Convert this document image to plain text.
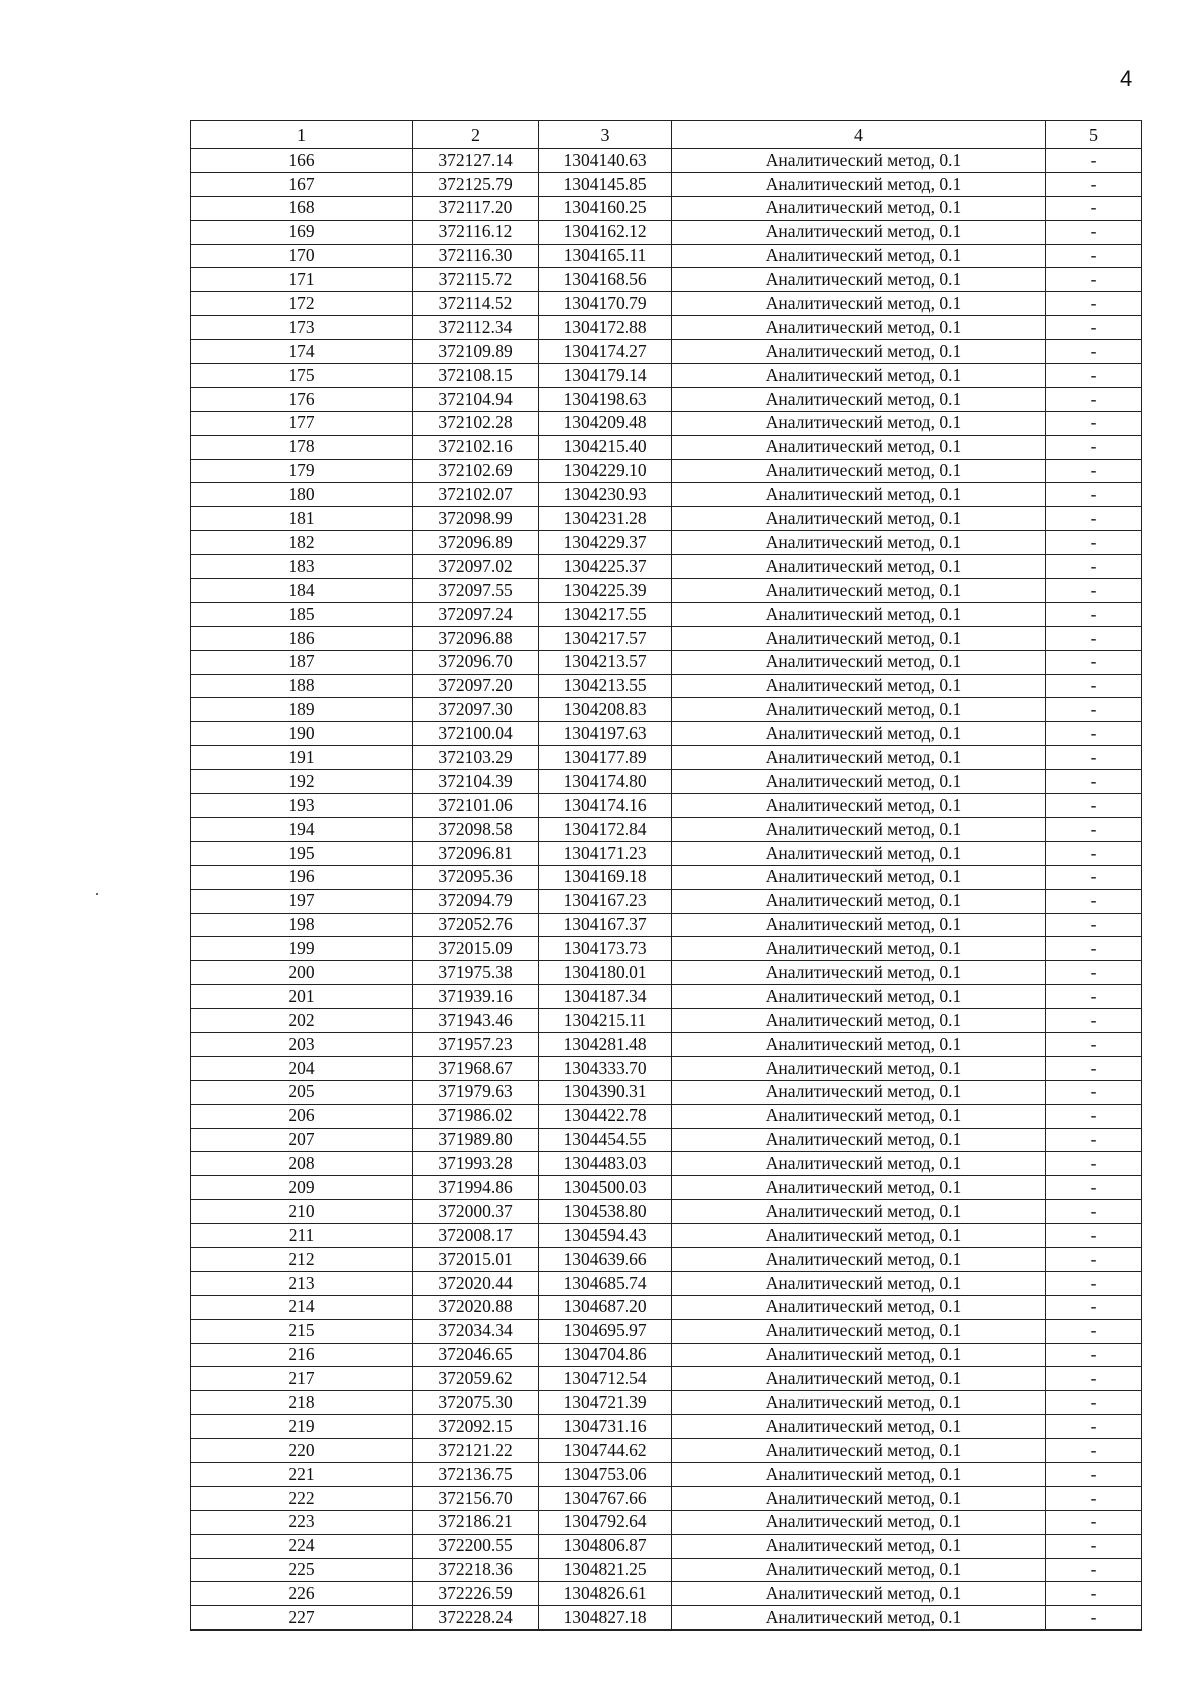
4
1	2	3	4	5
166	372127.14	1304140.63	Аналитический метод, 0.1	-
167	372125.79	1304145.85	Аналитический метод, 0.1	-
168	372117.20	1304160.25	Аналитический метод, 0.1	-
169	372116.12	1304162.12	Аналитический метод, 0.1	-
170	372116.30	1304165.11	Аналитический метод, 0.1	-
171	372115.72	1304168.56	Аналитический метод, 0.1	-
172	372114.52	1304170.79	Аналитический метод, 0.1	-
173	372112.34	1304172.88	Аналитический метод, 0.1	-
174	372109.89	1304174.27	Аналитический метод, 0.1	-
175	372108.15	1304179.14	Аналитический метод, 0.1	-
176	372104.94	1304198.63	Аналитический метод, 0.1	-
177	372102.28	1304209.48	Аналитический метод, 0.1	-
178	372102.16	1304215.40	Аналитический метод, 0.1	-
179	372102.69	1304229.10	Аналитический метод, 0.1	-
180	372102.07	1304230.93	Аналитический метод, 0.1	-
181	372098.99	1304231.28	Аналитический метод, 0.1	-
182	372096.89	1304229.37	Аналитический метод, 0.1	-
183	372097.02	1304225.37	Аналитический метод, 0.1	-
184	372097.55	1304225.39	Аналитический метод, 0.1	-
185	372097.24	1304217.55	Аналитический метод, 0.1	-
186	372096.88	1304217.57	Аналитический метод, 0.1	-
187	372096.70	1304213.57	Аналитический метод, 0.1	-
188	372097.20	1304213.55	Аналитический метод, 0.1	-
189	372097.30	1304208.83	Аналитический метод, 0.1	-
190	372100.04	1304197.63	Аналитический метод, 0.1	-
191	372103.29	1304177.89	Аналитический метод, 0.1	-
192	372104.39	1304174.80	Аналитический метод, 0.1	-
193	372101.06	1304174.16	Аналитический метод, 0.1	-
194	372098.58	1304172.84	Аналитический метод, 0.1	-
195	372096.81	1304171.23	Аналитический метод, 0.1	-
196	372095.36	1304169.18	Аналитический метод, 0.1	-
197	372094.79	1304167.23	Аналитический метод, 0.1	-
198	372052.76	1304167.37	Аналитический метод, 0.1	-
199	372015.09	1304173.73	Аналитический метод, 0.1	-
200	371975.38	1304180.01	Аналитический метод, 0.1	-
201	371939.16	1304187.34	Аналитический метод, 0.1	-
202	371943.46	1304215.11	Аналитический метод, 0.1	-
203	371957.23	1304281.48	Аналитический метод, 0.1	-
204	371968.67	1304333.70	Аналитический метод, 0.1	-
205	371979.63	1304390.31	Аналитический метод, 0.1	-
206	371986.02	1304422.78	Аналитический метод, 0.1	-
207	371989.80	1304454.55	Аналитический метод, 0.1	-
208	371993.28	1304483.03	Аналитический метод, 0.1	-
209	371994.86	1304500.03	Аналитический метод, 0.1	-
210	372000.37	1304538.80	Аналитический метод, 0.1	-
211	372008.17	1304594.43	Аналитический метод, 0.1	-
212	372015.01	1304639.66	Аналитический метод, 0.1	-
213	372020.44	1304685.74	Аналитический метод, 0.1	-
214	372020.88	1304687.20	Аналитический метод, 0.1	-
215	372034.34	1304695.97	Аналитический метод, 0.1	-
216	372046.65	1304704.86	Аналитический метод, 0.1	-
217	372059.62	1304712.54	Аналитический метод, 0.1	-
218	372075.30	1304721.39	Аналитический метод, 0.1	-
219	372092.15	1304731.16	Аналитический метод, 0.1	-
220	372121.22	1304744.62	Аналитический метод, 0.1	-
221	372136.75	1304753.06	Аналитический метод, 0.1	-
222	372156.70	1304767.66	Аналитический метод, 0.1	-
223	372186.21	1304792.64	Аналитический метод, 0.1	-
224	372200.55	1304806.87	Аналитический метод, 0.1	-
225	372218.36	1304821.25	Аналитический метод, 0.1	-
226	372226.59	1304826.61	Аналитический метод, 0.1	-
227	372228.24	1304827.18	Аналитический метод, 0.1	-
